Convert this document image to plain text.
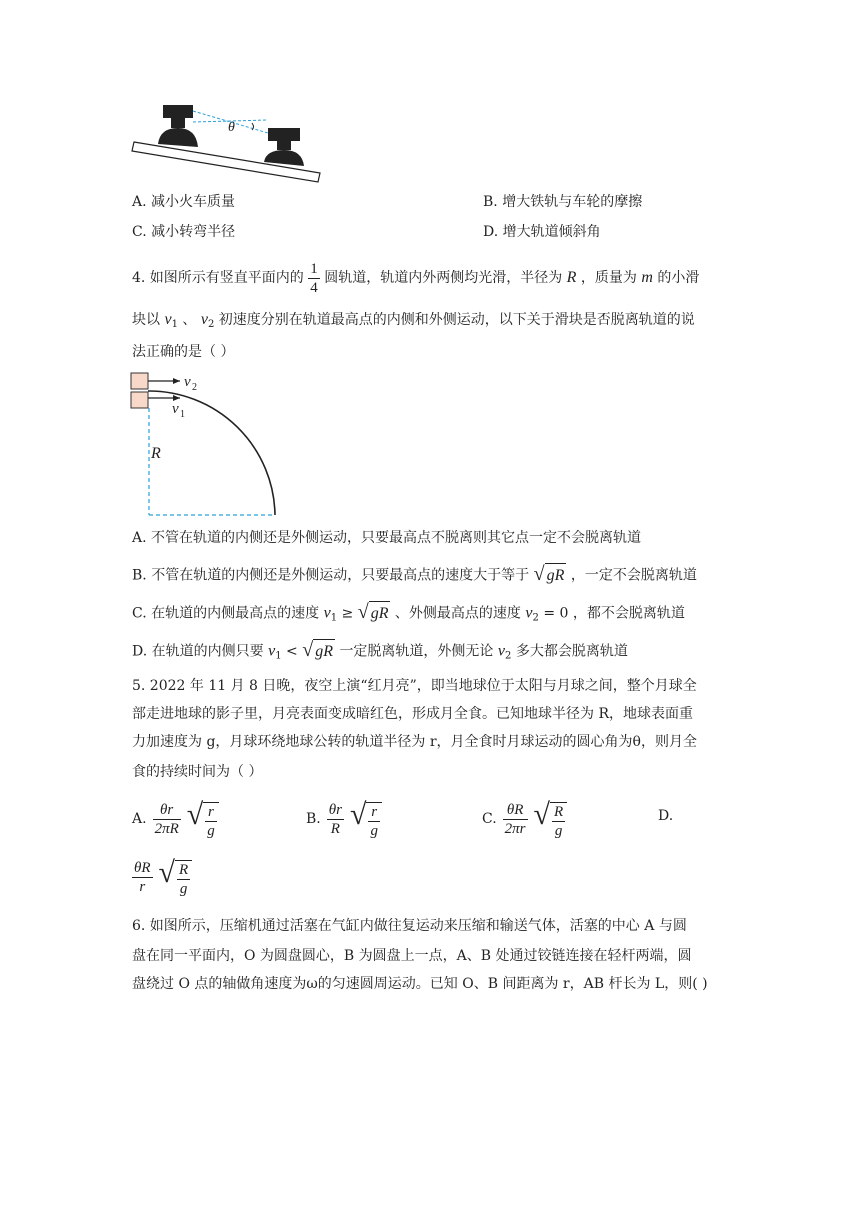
θ
A. 减小火车质量	B. 增大铁轨与车轮的摩擦
C. 减小转弯半径	D. 增大轨道倾斜角
4. 如图所示有竖直平面内的 $\frac{1}{4}$ 圆轨道，轨道内外两侧均光滑，半径为 R ，质量为 m 的小滑
块以 $v_1$ 、 $v_2$ 初速度分别在轨道最高点的内侧和外侧运动，以下关于滑块是否脱离轨道的说
法正确的是（ ）
v 2
v 1
R
A. 不管在轨道的内侧还是外侧运动，只要最高点不脱离则其它点一定不会脱离轨道
B. 不管在轨道的内侧还是外侧运动，只要最高点的速度大于等于 √ gR ，一定不会脱离轨道
C. 在轨道的内侧最高点的速度 $v_1$ ≥ √ gR 、外侧最高点的速度 $v_2 = 0$ ，都不会脱离轨道
D. 在轨道的内侧只要 $v_1$ < √ gR 一定脱离轨道，外侧无论 $v_2$ 多大都会脱离轨道
5. 2022 年 11 月 8 日晚，夜空上演“红月亮”，即当地球位于太阳与月球之间，整个月球全
部走进地球的影子里，月亮表面变成暗红色，形成月全食。已知地球半径为 R，地球表面重
力加速度为 g，月球环绕地球公转的轨道半径为 r，月全食时月球运动的圆心角为θ，则月全
食的持续时间为（ ）
A. $\frac{\theta r}{2\pi R}$ √ $\frac{r}{g}$	B. $\frac{\theta r}{R}$ √ $\frac{r}{g}$	C. $\frac{\theta R}{2\pi r}$ √ $\frac{R}{g}$	D.
$\frac{\theta R}{r}$ √ $\frac{R}{g}$
6. 如图所示，压缩机通过活塞在气缸内做往复运动来压缩和输送气体，活塞的中心 A 与圆
盘在同一平面内，O 为圆盘圆心，B 为圆盘上一点，A、B 处通过铰链连接在轻杆两端，圆
盘绕过 O 点的轴做角速度为ω的匀速圆周运动。已知 O、B 间距离为 r，AB 杆长为 L，则( )
